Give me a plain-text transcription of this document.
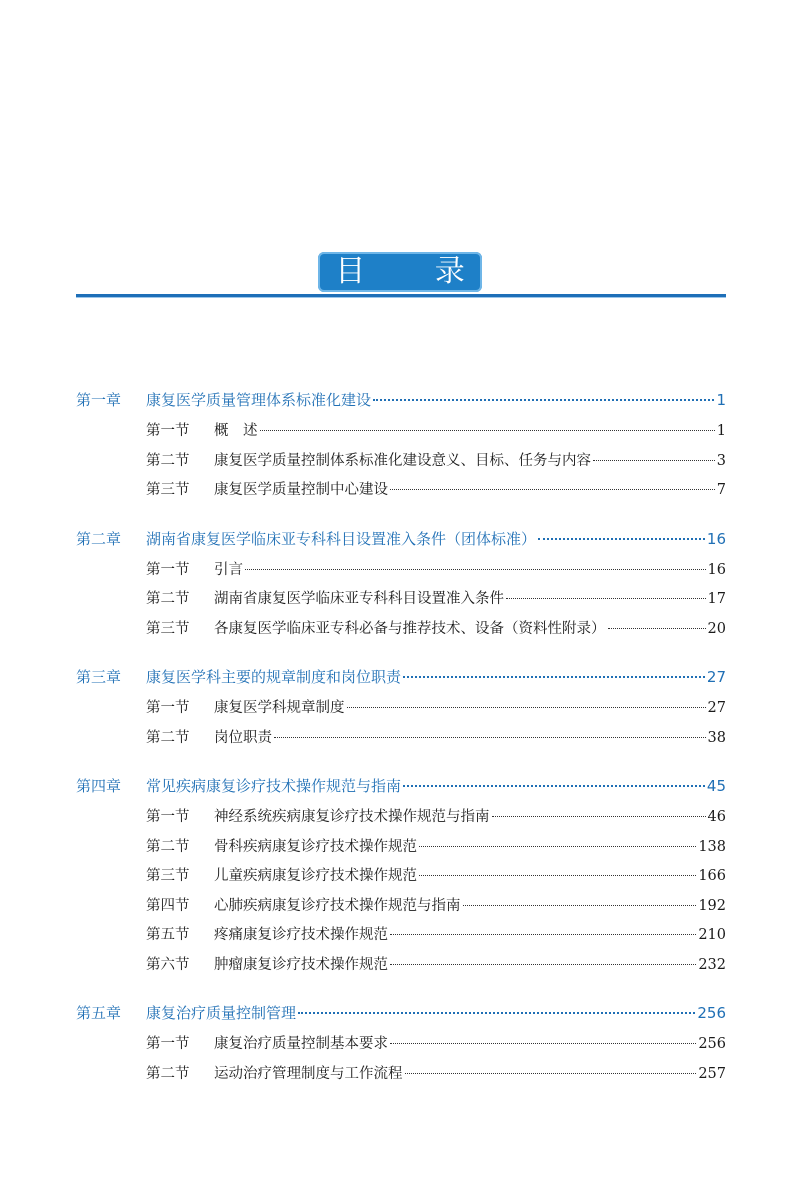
目 录
第一章	康复医学质量管理体系标准化建设	1
第一节	概　述	1
第二节	康复医学质量控制体系标准化建设意义、目标、任务与内容	3
第三节	康复医学质量控制中心建设	7
第二章	湖南省康复医学临床亚专科科目设置准入条件（团体标准）	16
第一节	引言	16
第二节	湖南省康复医学临床亚专科科目设置准入条件	17
第三节	各康复医学临床亚专科必备与推荐技术、设备（资料性附录）	20
第三章	康复医学科主要的规章制度和岗位职责	27
第一节	康复医学科规章制度	27
第二节	岗位职责	38
第四章	常见疾病康复诊疗技术操作规范与指南	45
第一节	神经系统疾病康复诊疗技术操作规范与指南	46
第二节	骨科疾病康复诊疗技术操作规范	138
第三节	儿童疾病康复诊疗技术操作规范	166
第四节	心肺疾病康复诊疗技术操作规范与指南	192
第五节	疼痛康复诊疗技术操作规范	210
第六节	肿瘤康复诊疗技术操作规范	232
第五章	康复治疗质量控制管理	256
第一节	康复治疗质量控制基本要求	256
第二节	运动治疗管理制度与工作流程	257
